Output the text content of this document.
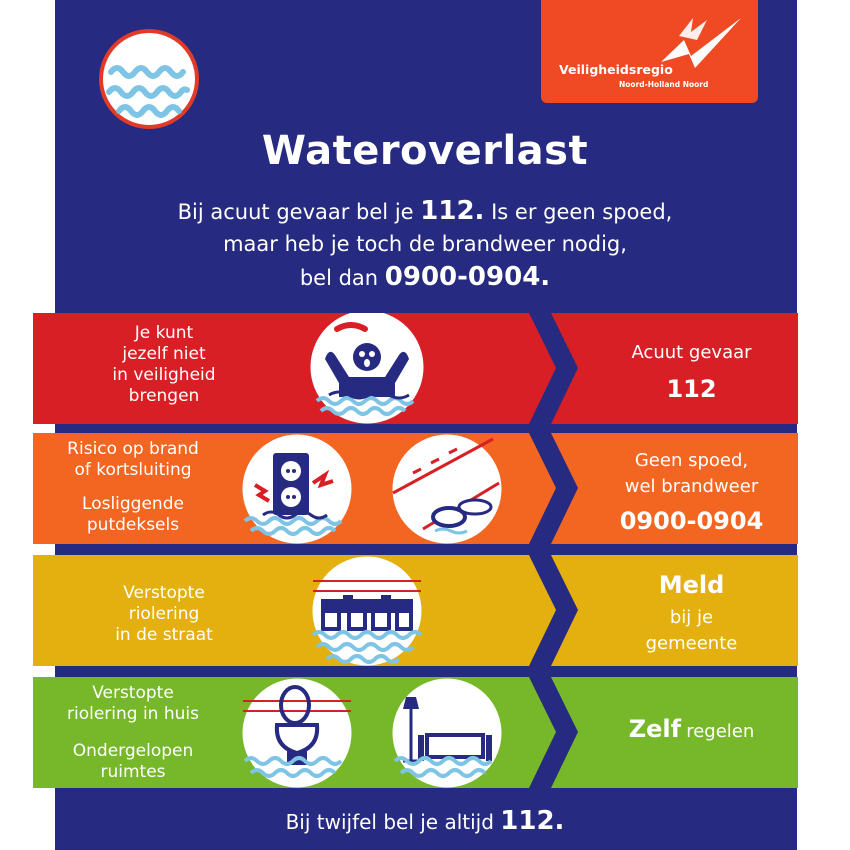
Veiligheidsregio
Noord-Holland Noord
Wateroverlast
Bij acuut gevaar bel je 112. Is er geen spoed,
maar heb je toch de brandweer nodig,
bel dan 0900-0904.
Je kunt
jezelf niet
in veiligheid
brengen
Acuut gevaar
112
Risico op brand
of kortsluiting
Losliggende
putdeksels
Geen spoed,
wel brandweer
0900-0904
Verstopte
riolering
in de straat
Meld
bij je
gemeente
Verstopte
riolering in huis
Ondergelopen
ruimtes
Zelf regelen
Bij twijfel bel je altijd 112.
